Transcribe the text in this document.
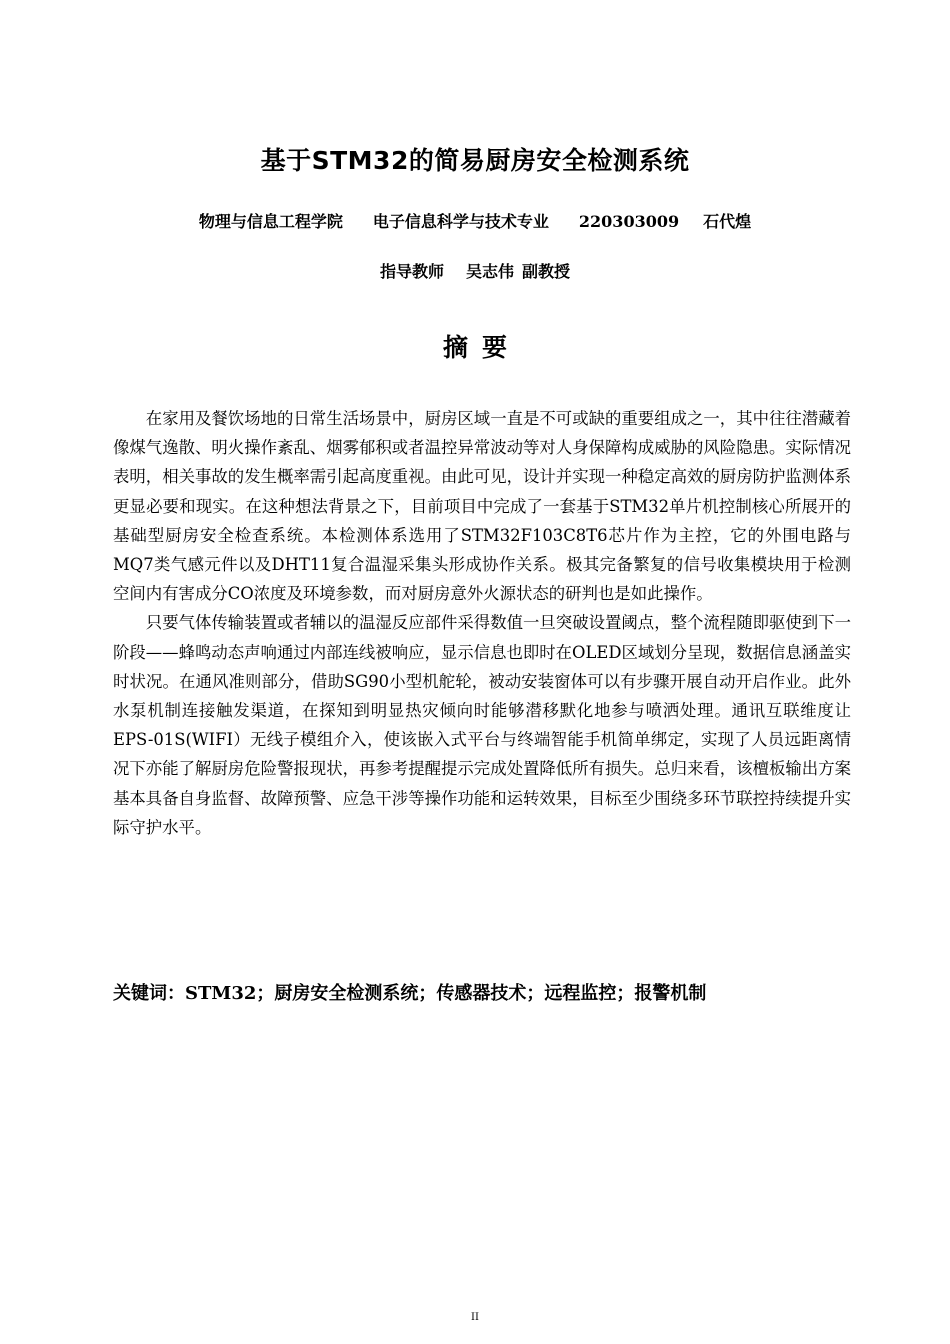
基于STM32的简易厨房安全检测系统
物理与信息工程学院 电子信息科学与技术专业 220303009 石代煌
指导教师 吴志伟 副教授
摘要

在家用及餐饮场地的日常生活场景中，厨房区域一直是不可或缺的重要组成之一，其中往往潜藏着像煤气逸散、明火操作紊乱、烟雾郁积或者温控异常波动等对人身保障构成威胁的风险隐患。实际情况表明，相关事故的发生概率需引起高度重视。由此可见，设计并实现一种稳定高效的厨房防护监测体系更显必要和现实。在这种想法背景之下，目前项目中完成了一套基于STM32单片机控制核心所展开的基础型厨房安全检查系统。本检测体系选用了STM32F103C8T6芯片作为主控，它的外围电路与MQ7类气感元件以及DHT11复合温湿采集头形成协作关系。极其完备繁复的信号收集模块用于检测空间内有害成分CO浓度及环境参数，而对厨房意外火源状态的研判也是如此操作。

只要气体传输装置或者辅以的温湿反应部件采得数值一旦突破设置阈点，整个流程随即驱使到下一阶段——蜂鸣动态声响通过内部连线被响应，显示信息也即时在OLED区域划分呈现，数据信息涵盖实时状况。在通风准则部分，借助SG90小型机舵轮，被动安装窗体可以有步骤开展自动开启作业。此外水泵机制连接触发渠道，在探知到明显热灾倾向时能够潜移默化地参与喷洒处理。通讯互联维度让EPS-01S(WIFI）无线子模组介入，使该嵌入式平台与终端智能手机简单绑定，实现了人员远距离情况下亦能了解厨房危险警报现状，再参考提醒提示完成处置降低所有损失。总归来看，该檀板输出方案基本具备自身监督、故障预警、应急干涉等操作功能和运转效果，目标至少围绕多环节联控持续提升实际守护水平。

关键词：STM32；厨房安全检测系统；传感器技术；远程监控；报警机制
II
